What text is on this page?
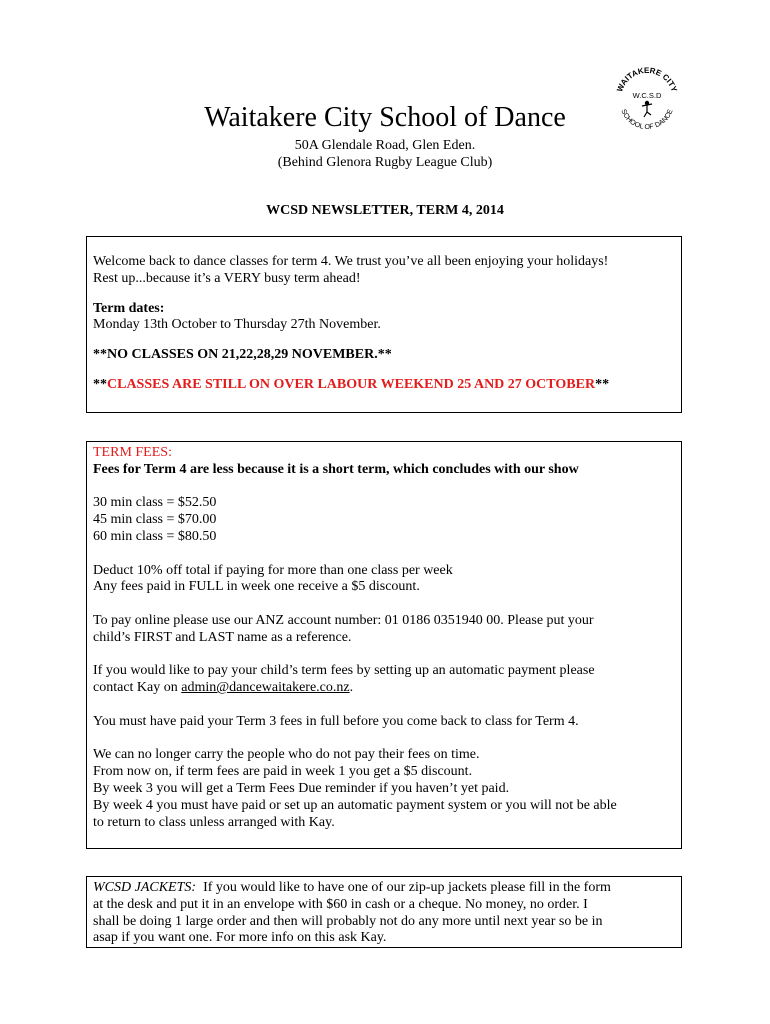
WAITAKERE CITY
W.C.S.D
SCHOOL OF DANCE
Waitakere City School of Dance
50A Glendale Road, Glen Eden.
(Behind Glenora Rugby League Club)
WCSD NEWSLETTER, TERM 4, 2014

Welcome back to dance classes for term 4. We trust you’ve all been enjoying your holidays!

Rest up...because it’s a VERY busy term ahead!

Term dates:

Monday 13th October to Thursday 27th November.

**NO CLASSES ON 21,22,28,29 NOVEMBER.**

**CLASSES ARE STILL ON OVER LABOUR WEEKEND 25 AND 27 OCTOBER**

TERM FEES:

Fees for Term 4 are less because it is a short term, which concludes with our show

30 min class = $52.50

45 min class = $70.00

60 min class = $80.50

Deduct 10% off total if paying for more than one class per week

Any fees paid in FULL in week one receive a $5 discount.

To pay online please use our ANZ account number: 01 0186 0351940 00. Please put your

child’s FIRST and LAST name as a reference.

If you would like to pay your child’s term fees by setting up an automatic payment please

contact Kay on admin@dancewaitakere.co.nz.

You must have paid your Term 3 fees in full before you come back to class for Term 4.

We can no longer carry the people who do not pay their fees on time.

From now on, if term fees are paid in week 1 you get a $5 discount.

By week 3 you will get a Term Fees Due reminder if you haven’t yet paid.

By week 4 you must have paid or set up an automatic payment system or you will not be able

to return to class unless arranged with Kay.

WCSD JACKETS:  If you would like to have one of our zip-up jackets please fill in the form

at the desk and put it in an envelope with $60 in cash or a cheque. No money, no order. I

shall be doing 1 large order and then will probably not do any more until next year so be in

asap if you want one. For more info on this ask Kay.
